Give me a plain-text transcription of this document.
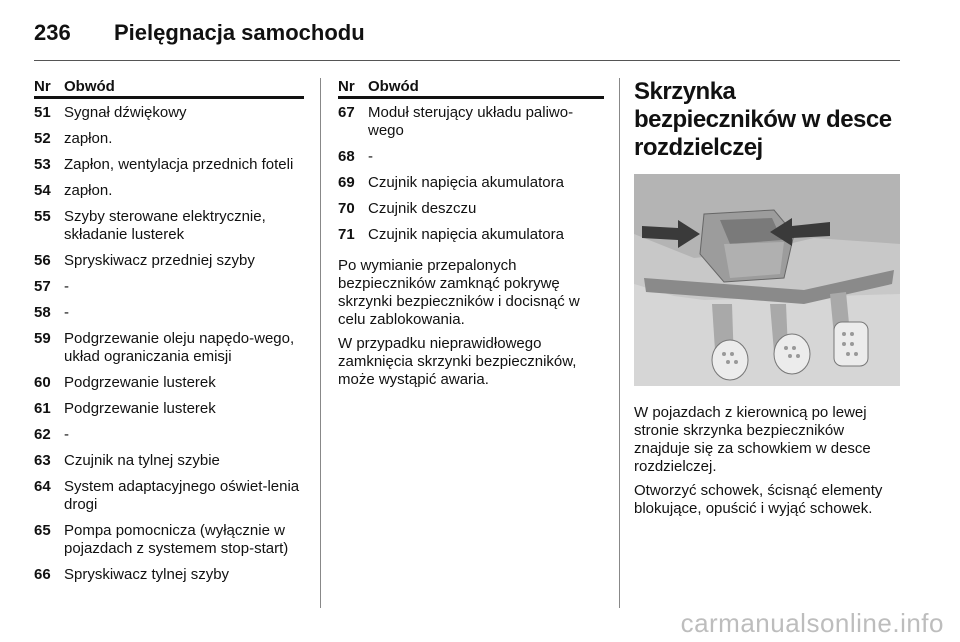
236 Pielęgnacja samochodu
Nr Obwód
51 Sygnał dźwiękowy
52 zapłon.
53 Zapłon, wentylacja przednich foteli
54 zapłon.
55 Szyby sterowane elektrycznie, składanie lusterek
56 Spryskiwacz przedniej szyby
57 -
58 -
59 Podgrzewanie oleju napędo-wego, układ ograniczania emisji
60 Podgrzewanie lusterek
61 Podgrzewanie lusterek
62 -
63 Czujnik na tylnej szybie
64 System adaptacyjnego oświet-lenia drogi
65 Pompa pomocnicza (wyłącznie w pojazdach z systemem stop-start)
66 Spryskiwacz tylnej szyby
Nr Obwód
67 Moduł sterujący układu paliwo-wego
68 -
69 Czujnik napięcia akumulatora
70 Czujnik deszczu
71 Czujnik napięcia akumulatora

Po wymianie przepalonych bezpieczników zamknąć pokrywę skrzynki bezpieczników i docisnąć w celu zablokowania.

W przypadku nieprawidłowego zamknięcia skrzynki bezpieczników, może wystąpić awaria.

Skrzynka bezpieczników w desce rozdzielczej

W pojazdach z kierownicą po lewej stronie skrzynka bezpieczników znajduje się za schowkiem w desce rozdzielczej.

Otworzyć schowek, ścisnąć elementy blokujące, opuścić i wyjąć schowek.

carmanualsonline.info
